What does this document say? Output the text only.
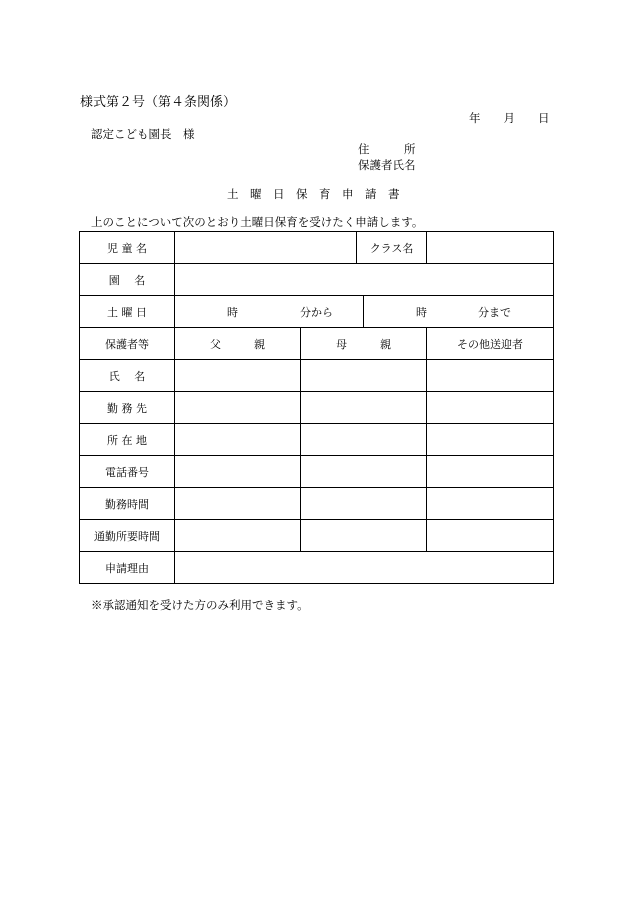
様式第２号（第４条関係）
年　　月　　日
認定こども園長　様
住　　　所
保護者氏名
土　曜　日　保　育　申　請　書
上のことについて次のとおり土曜日保育を受けたく申請します。
児 童 名			クラス名		
園　 名					
土 曜 日	時 分から			時 分まで	

保護者等	父　　　親	母　　　親			その他送迎者
氏　 名					
勤 務 先					
所 在 地					
電話番号					
勤務時間					
通勤所要時間					
申請理由					
※承認通知を受けた方のみ利用できます。
